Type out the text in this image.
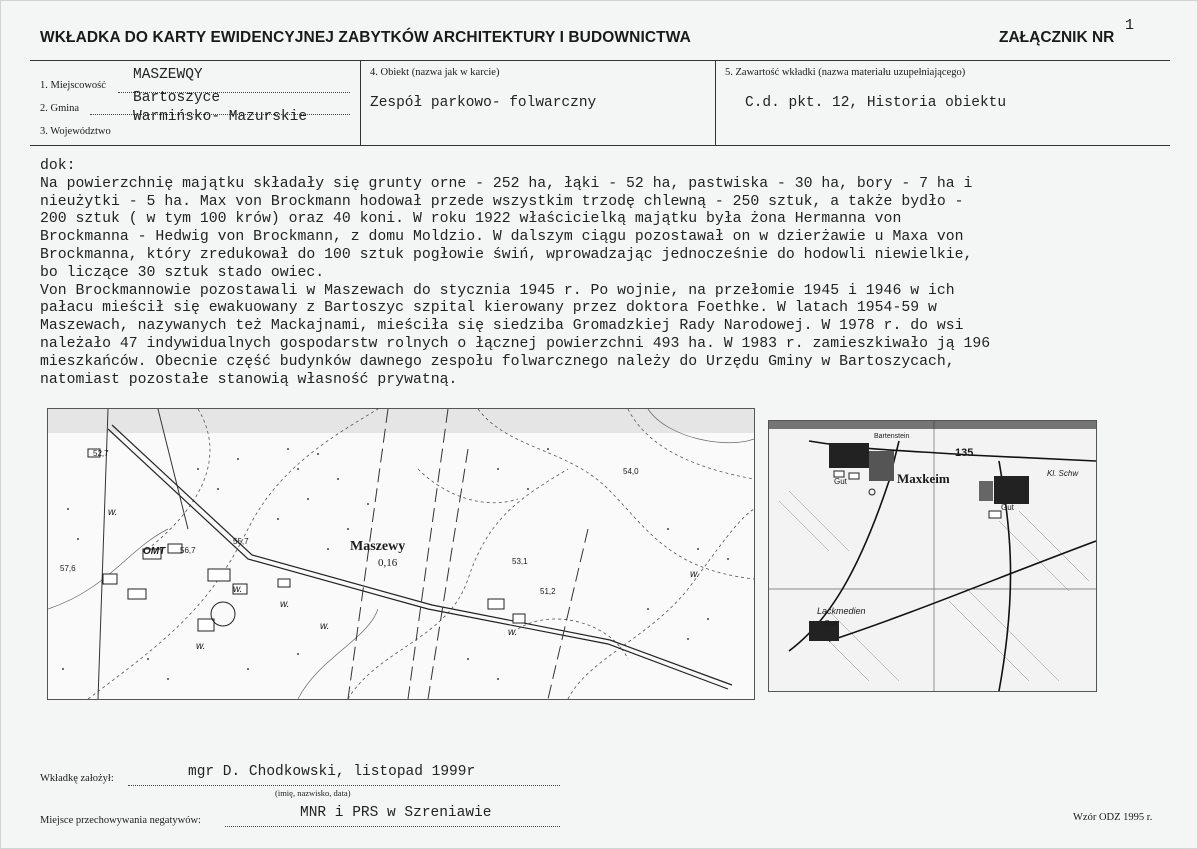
WKŁADKA DO KARTY EWIDENCYJNEJ ZABYTKÓW ARCHITEKTURY I BUDOWNICTWA	ZAŁĄCZNIK NR
1
1. Miejscowość
MASZEWQY
2. Gmina
Bartoszyce
3. Województwo
Warmińsko- Mazurskie
4. Obiekt (nazwa jak w karcie)
Zespół parkowo- folwarczny
5. Zawartość wkładki (nazwa materiału uzupełniającego)
C.d. pkt. 12, Historia obiektu
dok:
Na powierzchnię majątku składały się grunty orne - 252 ha, łąki - 52 ha, pastwiska - 30 ha, bory - 7 ha i
nieużytki - 5 ha. Max von Brockmann hodował przede wszystkim trzodę chlewną - 250 sztuk, a także bydło -
200 sztuk ( w tym 100 krów) oraz 40 koni. W roku 1922 właścicielką majątku była żona Hermanna von
Brockmanna - Hedwig von Brockmann, z domu Moldzio. W dalszym ciągu pozostawał on w dzierżawie u Maxa von
Brockmanna, który zredukował do 100 sztuk pogłowie świń, wprowadzając jednocześnie do hodowli niewielkie,
bo liczące 30 sztuk stado owiec.
Von Brockmannowie pozostawali w Maszewach do stycznia 1945 r. Po wojnie, na przełomie 1945 i 1946 w ich
pałacu mieścił się ewakuowany z Bartoszyc szpital kierowany przez doktora Foethke. W latach 1954-59 w
Maszewach, nazywanych też Mackajnami, mieściła się siedziba Gromadzkiej Rady Narodowej. W 1978 r. do wsi
należało 47 indywidualnych gospodarstw rolnych o łącznej powierzchni 493 ha. W 1983 r. zamieszkiwało ją 196
mieszkańców. Obecnie część budynków dawnego zespołu folwarcznego należy do Urzędu Gminy w Bartoszycach,
natomiast pozostałe stanowią własność prywatną.
Maszewy
0,16
52,7
OMT 56,7
57,6
55,7
53,1
51,2
54,0
w.
w.
w.
w.
w.
w.
w.
Maxkeim
Gut
Gut
Lackmedien
Gut
135
Bartenstein
Kl. Schw
Wkładkę założył:	mgr D. Chodkowski, listopad 1999r
(imię, nazwisko, data)
Miejsce przechowywania negatywów:	MNR i PRS w Szreniawie	Wzór ODZ 1995 r.
